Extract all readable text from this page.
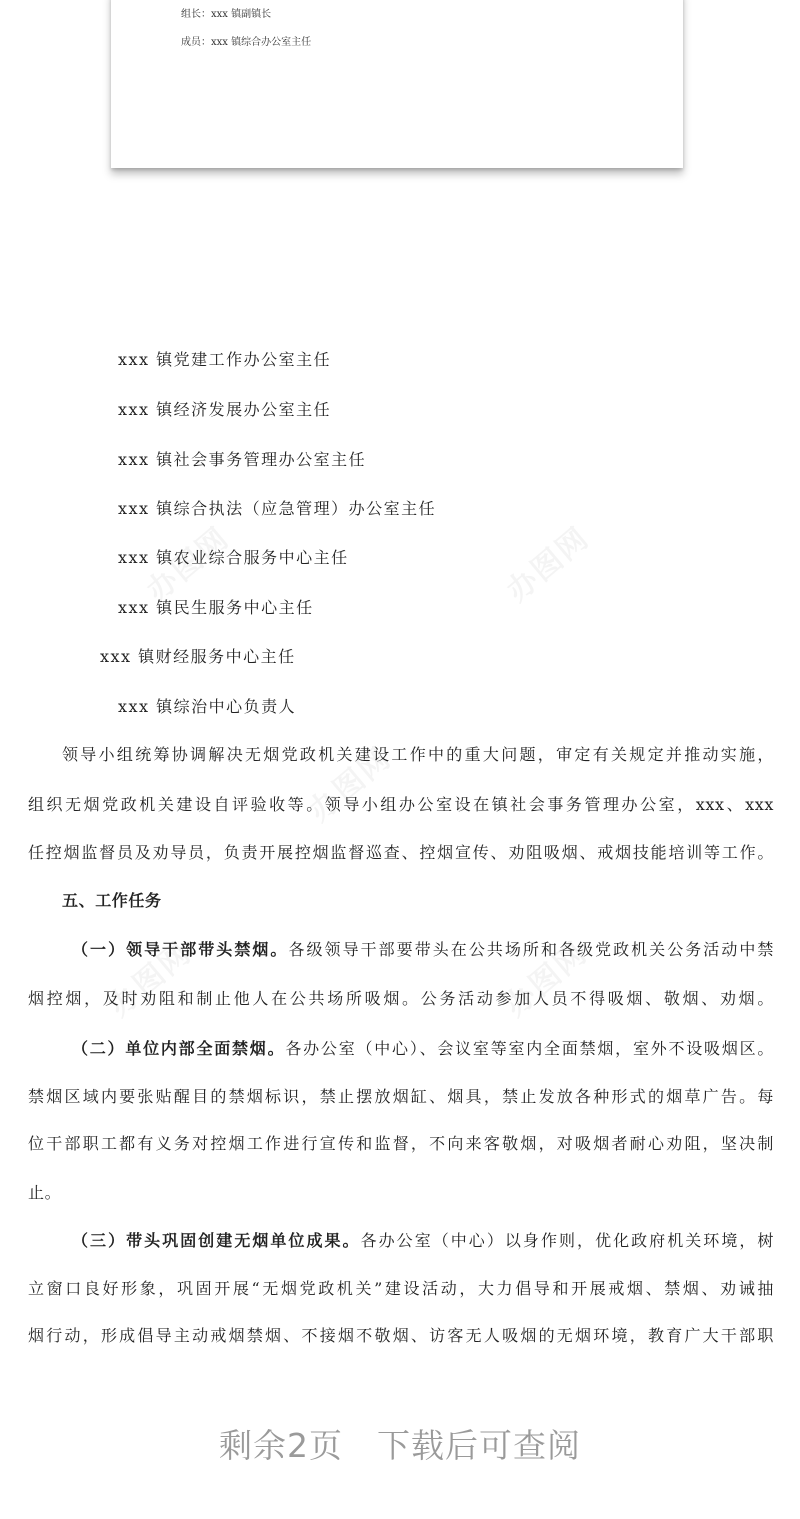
组长：xxx 镇副镇长
成员：xxx 镇综合办公室主任
xxx 镇党建工作办公室主任
xxx 镇经济发展办公室主任
xxx 镇社会事务管理办公室主任
xxx 镇综合执法（应急管理）办公室主任
xxx 镇农业综合服务中心主任
xxx 镇民生服务中心主任
xxx 镇财经服务中心主任
xxx 镇综治中心负责人
领导小组统筹协调解决无烟党政机关建设工作中的重大问题，审定有关规定并推动实施，
组织无烟党政机关建设自评验收等。领导小组办公室设在镇社会事务管理办公室，xxx、xxx
任控烟监督员及劝导员，负责开展控烟监督巡查、控烟宣传、劝阻吸烟、戒烟技能培训等工作。
五、工作任务
（一）领导干部带头禁烟。各级领导干部要带头在公共场所和各级党政机关公务活动中禁
烟控烟，及时劝阻和制止他人在公共场所吸烟。公务活动参加人员不得吸烟、敬烟、劝烟。
（二）单位内部全面禁烟。各办公室（中心）、会议室等室内全面禁烟，室外不设吸烟区。
禁烟区域内要张贴醒目的禁烟标识，禁止摆放烟缸、烟具，禁止发放各种形式的烟草广告。每
位干部职工都有义务对控烟工作进行宣传和监督，不向来客敬烟，对吸烟者耐心劝阻，坚决制
止。
（三）带头巩固创建无烟单位成果。各办公室（中心）以身作则，优化政府机关环境，树
立窗口良好形象，巩固开展“无烟党政机关”建设活动，大力倡导和开展戒烟、禁烟、劝诫抽
烟行动，形成倡导主动戒烟禁烟、不接烟不敬烟、访客无人吸烟的无烟环境，教育广大干部职
剩余2页 下载后可查阅
